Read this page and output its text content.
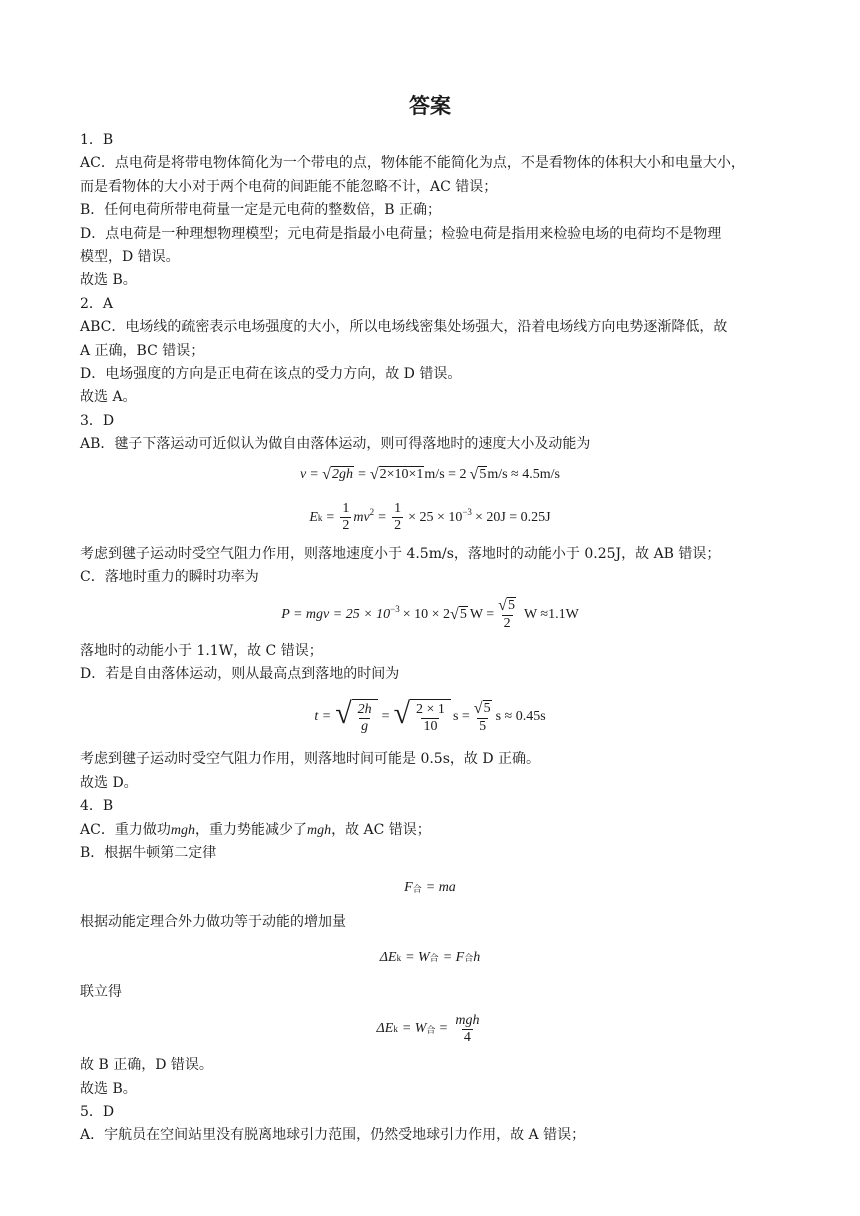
答案
1．B
AC．点电荷是将带电物体简化为一个带电的点，物体能不能简化为点，不是看物体的体积大小和电量大小，
而是看物体的大小对于两个电荷的间距能不能忽略不计，AC 错误；
B．任何电荷所带电荷量一定是元电荷的整数倍，B 正确；
D．点电荷是一种理想物理模型；元电荷是指最小电荷量；检验电荷是指用来检验电场的电荷均不是物理
模型，D 错误。
故选 B。
2．A
ABC．电场线的疏密表示电场强度的大小，所以电场线密集处场强大，沿着电场线方向电势逐渐降低，故
A 正确，BC 错误；
D．电场强度的方向是正电荷在该点的受力方向，故 D 错误。
故选 A。
3．D
AB．毽子下落运动可近似认为做自由落体运动，则可得落地时的速度大小及动能为
v = √ 2gh = √ 2×10×1 m/s = 2 √ 5 m/s ≈ 4.5m/s
E $k = \frac{1}{2} mv^2 = \frac{1}{2} \times 25 \times 10^{-3} \times 20J = 0.25J$
考虑到毽子运动时受空气阻力作用，则落地速度小于 4.5m/s，落地时的动能小于 0.25J，故 AB 错误；
C．落地时重力的瞬时功率为
P = mgv = $25 \times 10^{-3} \times 10 \times 2$ √ 5 $W = \frac{√ 5}{2}$ W ≈1.1W
落地时的动能小于 1.1W，故 C 错误；
D．若是自由落体运动，则从最高点到落地的时间为
t = √ $\frac{2h}{g}$ = √ $\frac{2 \times 1}{10}$ $s = \frac{√ 5}{5}$ s ≈ 0.45s
考虑到毽子运动时受空气阻力作用，则落地时间可能是 0.5s，故 D 正确。
故选 D。
4．B
AC．重力做功mgh，重力势能减少了mgh，故 AC 错误；
B．根据牛顿第二定律
F 合 = ma
根据动能定理合外力做功等于动能的增加量
ΔE k = W 合 = F 合 h
联立得
ΔE k = W 合 = $\frac{\text{mgh}}{4}$
故 B 正确，D 错误。
故选 B。
5．D
A．宇航员在空间站里没有脱离地球引力范围，仍然受地球引力作用，故 A 错误；
